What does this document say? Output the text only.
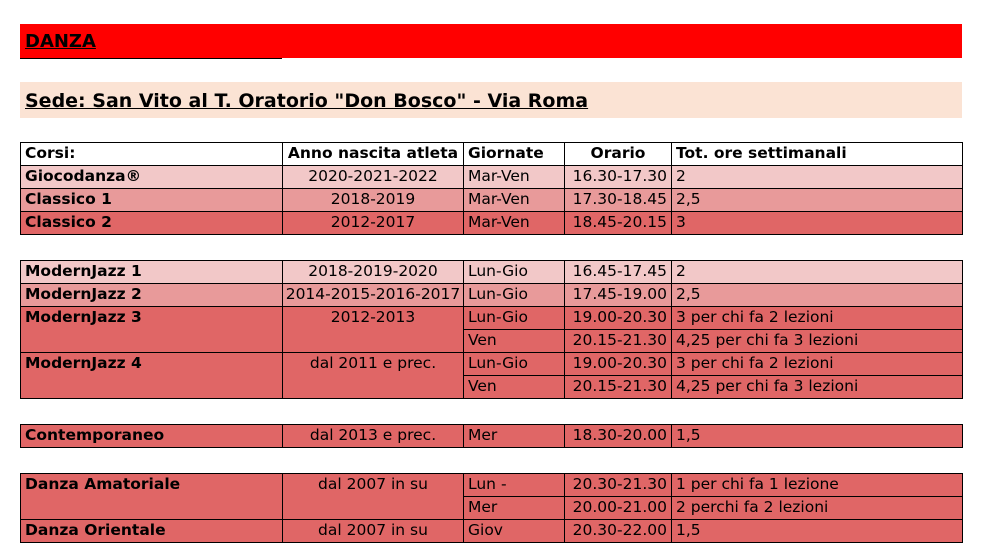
DANZA
Sede: San Vito al T. Oratorio "Don Bosco" - Via Roma
Corsi:	Anno nascita atleta	Giornate	Orario	Tot. ore settimanali
Giocodanza®	2020-2021-2022	Mar-Ven	16.30-17.30	2
Classico 1	2018-2019	Mar-Ven	17.30-18.45	2,5
Classico 2	2012-2017	Mar-Ven	18.45-20.15	3
ModernJazz 1	2018-2019-2020	Lun-Gio	16.45-17.45	2
ModernJazz 2	2014-2015-2016-2017	Lun-Gio	17.45-19.00	2,5
ModernJazz 3	2012-2013	Lun-Gio	19.00-20.30	3 per chi fa 2 lezioni
		Ven	20.15-21.30	4,25 per chi fa 3 lezioni
ModernJazz 4	dal 2011 e prec.	Lun-Gio	19.00-20.30	3 per chi fa 2 lezioni
		Ven	20.15-21.30	4,25 per chi fa 3 lezioni
Contemporaneo	dal 2013 e prec.	Mer	18.30-20.00	1,5
Danza Amatoriale	dal 2007 in su	Lun -	20.30-21.30	1 per chi fa 1 lezione
		Mer	20.00-21.00	2 perchi fa 2 lezioni
Danza Orientale	dal 2007 in su	Giov	20.30-22.00	1,5
